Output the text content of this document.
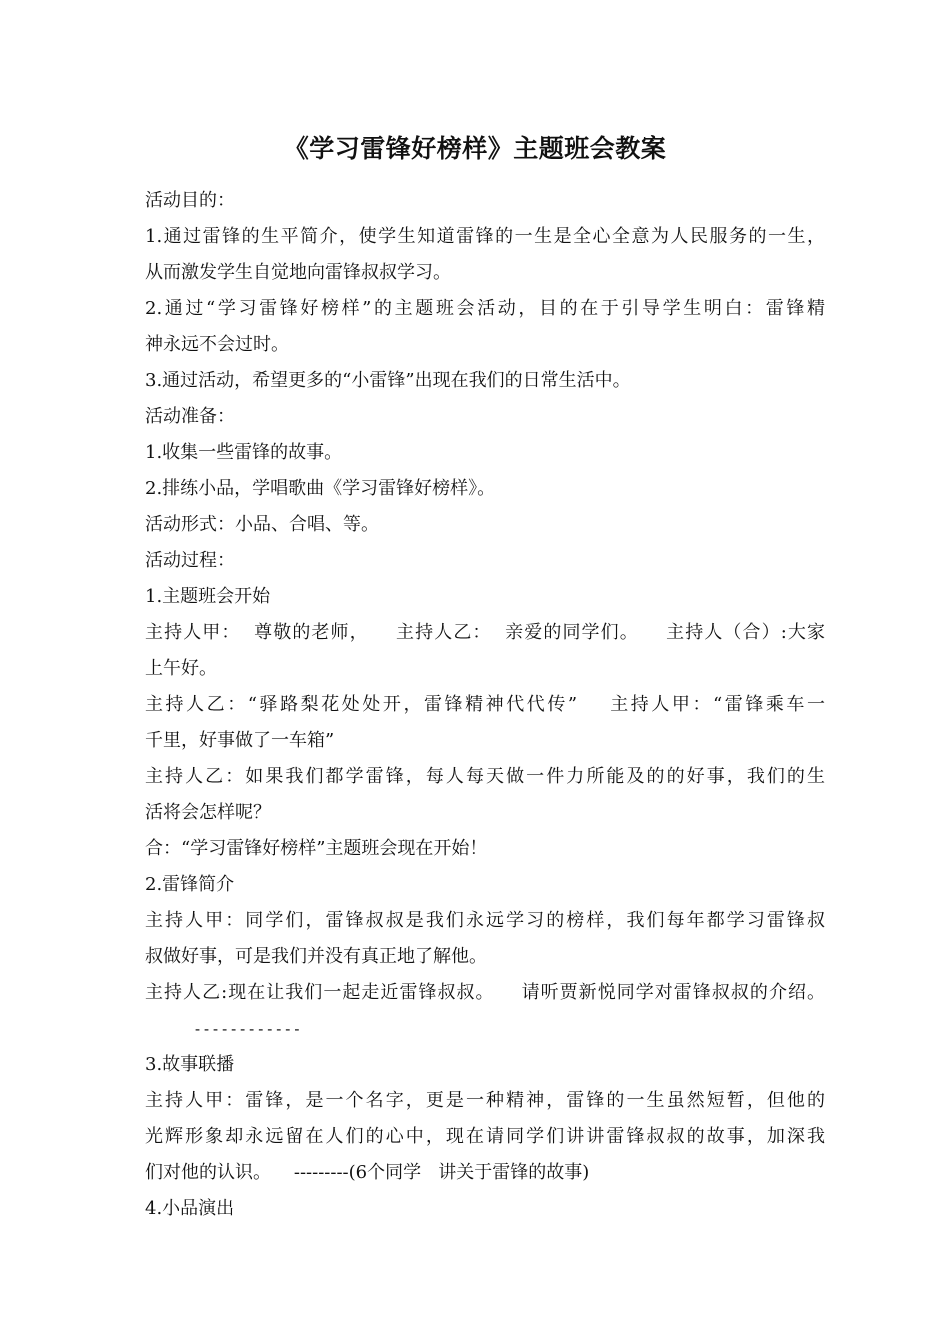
《学习雷锋好榜样》主题班会教案
活动目的：
1.通过雷锋的生平简介，使学生知道雷锋的一生是全心全意为人民服务的一生，
从而激发学生自觉地向雷锋叔叔学习。
2.通过“学习雷锋好榜样”的主题班会活动，目的在于引导学生明白：雷锋精
神永远不会过时。
3.通过活动，希望更多的“小雷锋”出现在我们的日常生活中。
活动准备：
1.收集一些雷锋的故事。
2.排练小品，学唱歌曲《学习雷锋好榜样》。
活动形式：小品、合唱、等。
活动过程：
1.主题班会开始
主持人甲：  尊敬的老师，    主持人乙：  亲爱的同学们。    主持人（合）:大家
上午好。
主持人乙：“驿路梨花处处开，雷锋精神代代传”    主持人甲：“雷锋乘车一
千里，好事做了一车箱”
主持人乙：如果我们都学雷锋，每人每天做一件力所能及的的好事，我们的生
活将会怎样呢？
合：“学习雷锋好榜样”主题班会现在开始！
2.雷锋简介
主持人甲：同学们，雷锋叔叔是我们永远学习的榜样，我们每年都学习雷锋叔
叔做好事，可是我们并没有真正地了解他。
主持人乙:现在让我们一起走近雷锋叔叔。    请听贾新悦同学对雷锋叔叔的介绍。
------------
3.故事联播
主持人甲：雷锋，是一个名字，更是一种精神，雷锋的一生虽然短暂，但他的
光辉形象却永远留在人们的心中，现在请同学们讲讲雷锋叔叔的故事，加深我
们对他的认识。    ---------(6个同学   讲关于雷锋的故事)
4.小品演出
